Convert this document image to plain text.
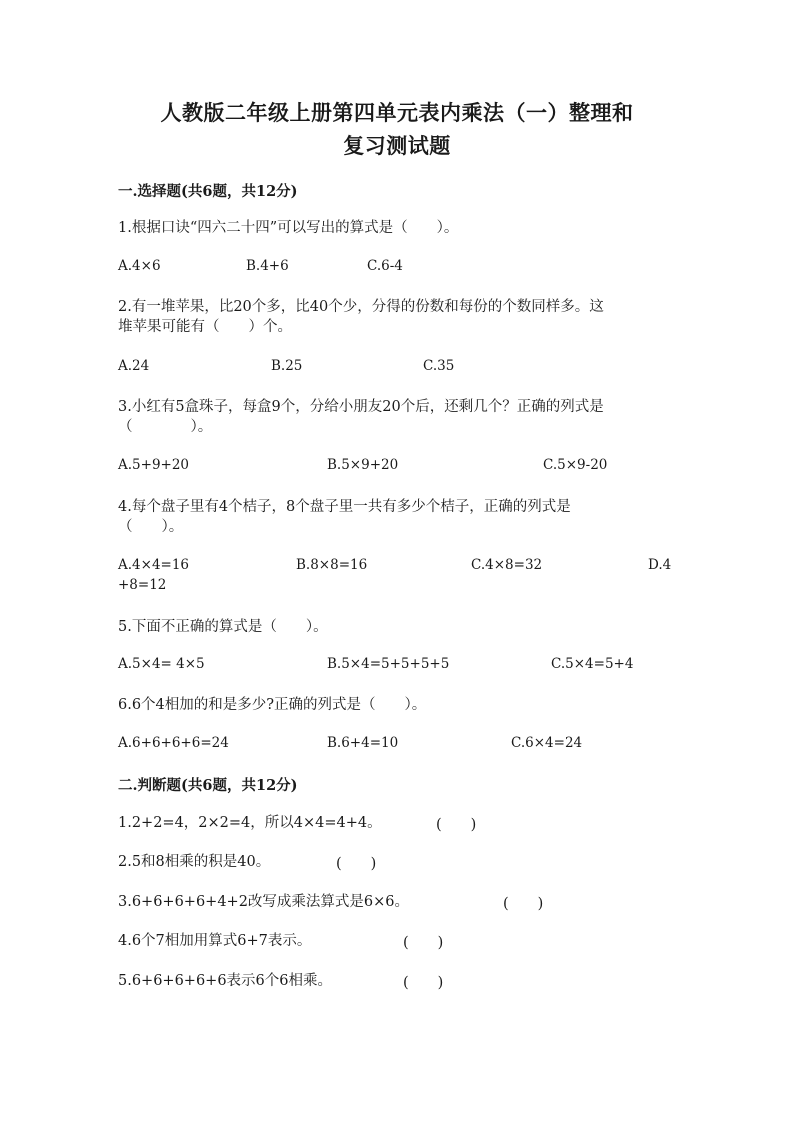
人教版二年级上册第四单元表内乘法（一）整理和
复习测试题
一.选择题(共6题，共12分)
1.根据口诀“四六二十四”可以写出的算式是（　　）。
A.4×6	B.4+6	C.6-4
2.有一堆苹果，比20个多，比40个少，分得的份数和每份的个数同样多。这
堆苹果可能有（　　）个。
A.24	B.25	C.35
3.小红有5盒珠子，每盒9个，分给小朋友20个后，还剩几个？正确的列式是
（　　　　）。
A.5+9+20	B.5×9+20	C.5×9-20
4.每个盘子里有4个桔子，8个盘子里一共有多少个桔子，正确的列式是
（　　）。
A.4×4=16	B.8×8=16	C.4×8=32	D.4
+8=12
5.下面不正确的算式是（　　）。
A.5×4= 4×5	B.5×4=5+5+5+5	C.5×4=5+4
6.6个4相加的和是多少?正确的列式是（　　）。
A.6+6+6+6=24	B.6+4=10	C.6×4=24
二.判断题(共6题，共12分)
1.2+2=4，2×2=4，所以4×4=4+4。	(　　)
2.5和8相乘的积是40。	(　　)
3.6+6+6+6+4+2改写成乘法算式是6×6。	(　　)
4.6个7相加用算式6+7表示。	(　　)
5.6+6+6+6+6表示6个6相乘。	(　　)
